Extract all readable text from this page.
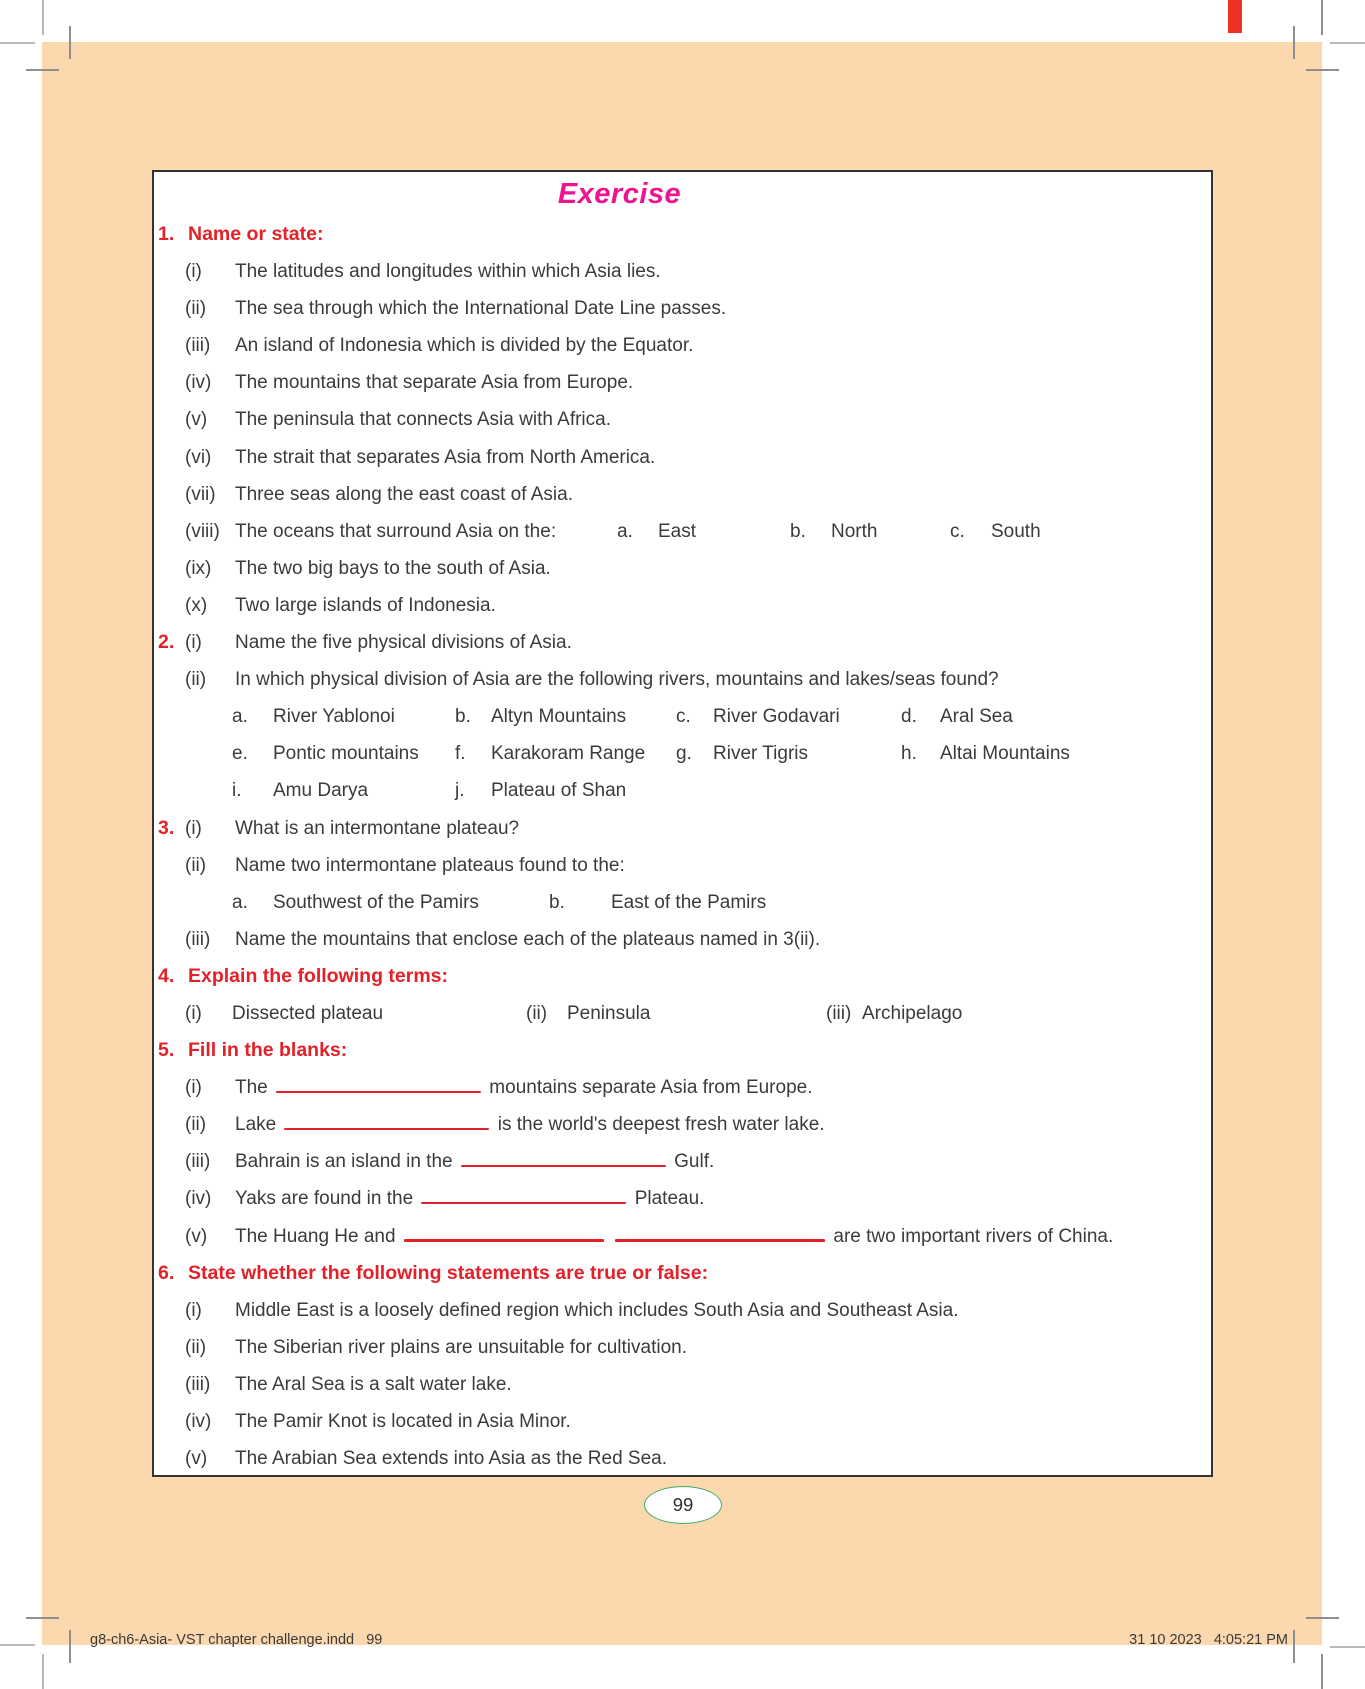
Exercise
1. Name or state:
(i) The latitudes and longitudes within which Asia lies.
(ii) The sea through which the International Date Line passes.
(iii) An island of Indonesia which is divided by the Equator.
(iv) The mountains that separate Asia from Europe.
(v) The peninsula that connects Asia with Africa.
(vi) The strait that separates Asia from North America.
(vii) Three seas along the east coast of Asia.
(viii) The oceans that surround Asia on the:	a. East	b. North	c. South
(ix) The two big bays to the south of Asia.
(x) Two large islands of Indonesia.
2. (i) Name the five physical divisions of Asia.
(ii) In which physical division of Asia are the following rivers, mountains and lakes/seas found?
a. River Yablonoi	b. Altyn Mountains	c. River Godavari	d. Aral Sea
e. Pontic mountains f. Karakoram Range g. River Tigris	h. Altai Mountains
i. Amu Darya	j. Plateau of Shan
3. (i) What is an intermontane plateau?
(ii) Name two intermontane plateaus found to the:
a. Southwest of the Pamirs	b. East of the Pamirs
(iii) Name the mountains that enclose each of the plateaus named in 3(ii).
4. Explain the following terms:
(i) Dissected plateau	(ii) Peninsula	(iii) Archipelago
5. Fill in the blanks:
(i) The	mountains separate Asia from Europe.
(ii) Lake	is the world's deepest fresh water lake.
(iii) Bahrain is an island in the	Gulf.
(iv) Yaks are found in the	Plateau.
(v) The Huang He and	are two important rivers of China.
6. State whether the following statements are true or false:
(i) Middle East is a loosely defined region which includes South Asia and Southeast Asia.
(ii) The Siberian river plains are unsuitable for cultivation.
(iii) The Aral Sea is a salt water lake.
(iv) The Pamir Knot is located in Asia Minor.
(v) The Arabian Sea extends into Asia as the Red Sea.
99
g8-ch6-Asia- VST chapter challenge.indd   99	31 10 2023   4:05:21 PM
